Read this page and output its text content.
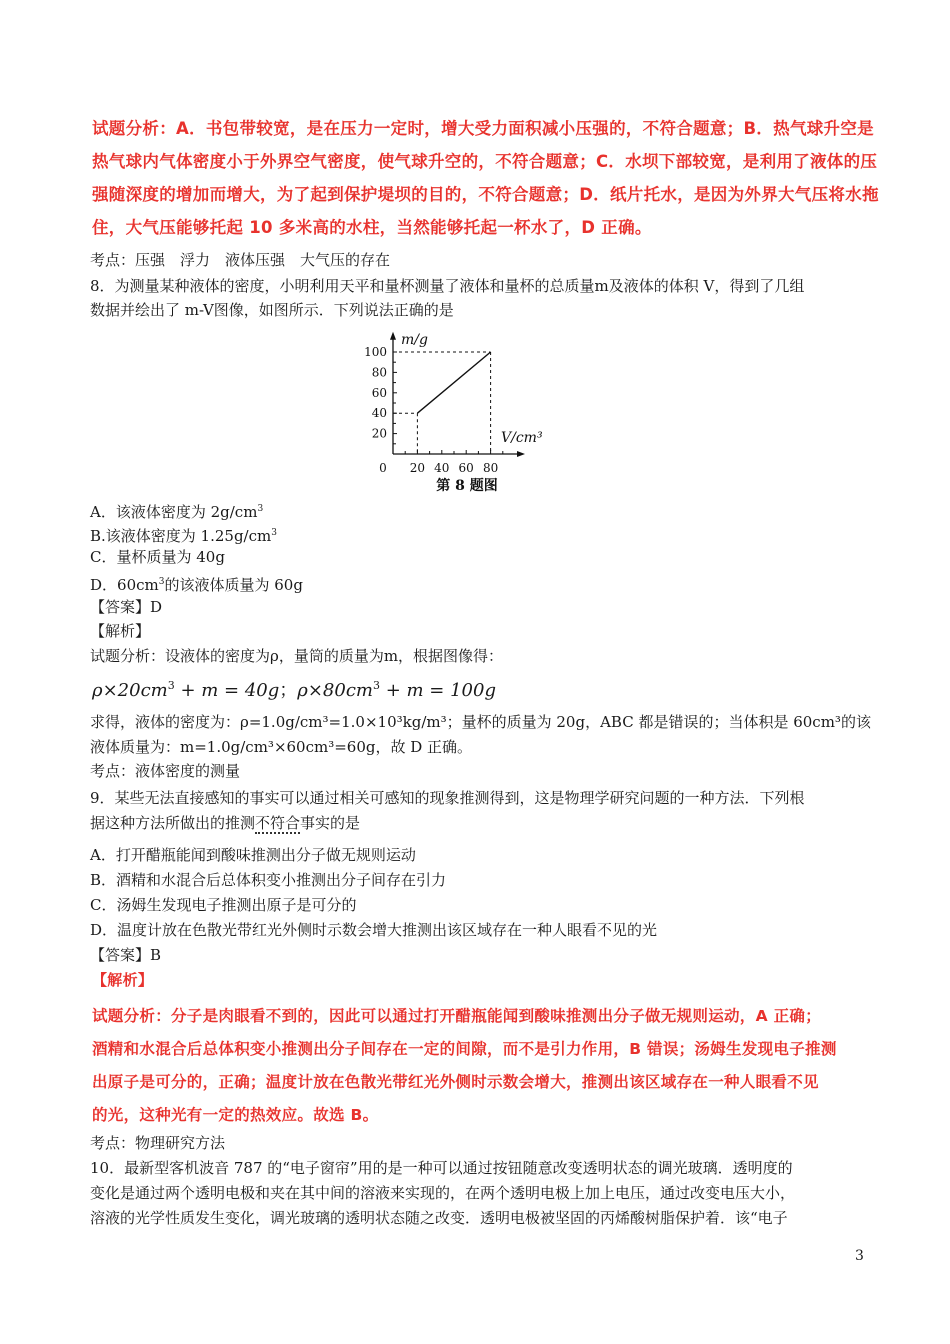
试题分析：A．书包带较宽，是在压力一定时，增大受力面积减小压强的，不符合题意；B．热气球升空是
热气球内气体密度小于外界空气密度，使气球升空的，不符合题意；C．水坝下部较宽，是利用了液体的压
强随深度的增加而增大，为了起到保护堤坝的目的，不符合题意；D．纸片托水，是因为外界大气压将水拖
住，大气压能够托起 10 多米高的水柱，当然能够托起一杯水了，D 正确。
考点：压强　浮力　液体压强　大气压的存在
8．为测量某种液体的密度，小明利用天平和量杯测量了液体和量杯的总质量m及液体的体积 V，得到了几组
数据并绘出了 m-V图像，如图所示．下列说法正确的是
0 20 40 60 80
20
40
60
80
100
m/g
V/cm³
第 8 题图
A．该液体密度为 $2g/cm^3$
B.该液体密度为 $1.25g/cm^3$
C．量杯质量为 40g
D．$60cm^3$的该液体质量为 60g
【答案】D
【解析】
试题分析：设液体的密度为ρ，量筒的质量为m，根据图像得：
$\rho\times 20cm^3 + m = 40g$；$\rho\times 80cm^3 + m = 100g$
求得，液体的密度为：ρ=1.0g/cm³=1.0×10³kg/m³；量杯的质量为 20g，ABC 都是错误的；当体积是 60cm³的该
液体质量为：m=1.0g/cm³×60cm³=60g，故 D 正确。
考点：液体密度的测量
9．某些无法直接感知的事实可以通过相关可感知的现象推测得到，这是物理学研究问题的一种方法．下列根
据这种方法所做出的推测不符合事实的是
A．打开醋瓶能闻到酸味推测出分子做无规则运动
B．酒精和水混合后总体积变小推测出分子间存在引力
C．汤姆生发现电子推测出原子是可分的
D．温度计放在色散光带红光外侧时示数会增大推测出该区域存在一种人眼看不见的光
【答案】B
【解析】
试题分析：分子是肉眼看不到的，因此可以通过打开醋瓶能闻到酸味推测出分子做无规则运动，A 正确；
酒精和水混合后总体积变小推测出分子间存在一定的间隙，而不是引力作用，B 错误；汤姆生发现电子推测
出原子是可分的，正确；温度计放在色散光带红光外侧时示数会增大，推测出该区域存在一种人眼看不见
的光，这种光有一定的热效应。故选 B。
考点：物理研究方法
10．最新型客机波音 787 的“电子窗帘”用的是一种可以通过按钮随意改变透明状态的调光玻璃．透明度的
变化是通过两个透明电极和夹在其中间的溶液来实现的，在两个透明电极上加上电压，通过改变电压大小，
溶液的光学性质发生变化，调光玻璃的透明状态随之改变．透明电极被坚固的丙烯酸树脂保护着．该“电子
3
